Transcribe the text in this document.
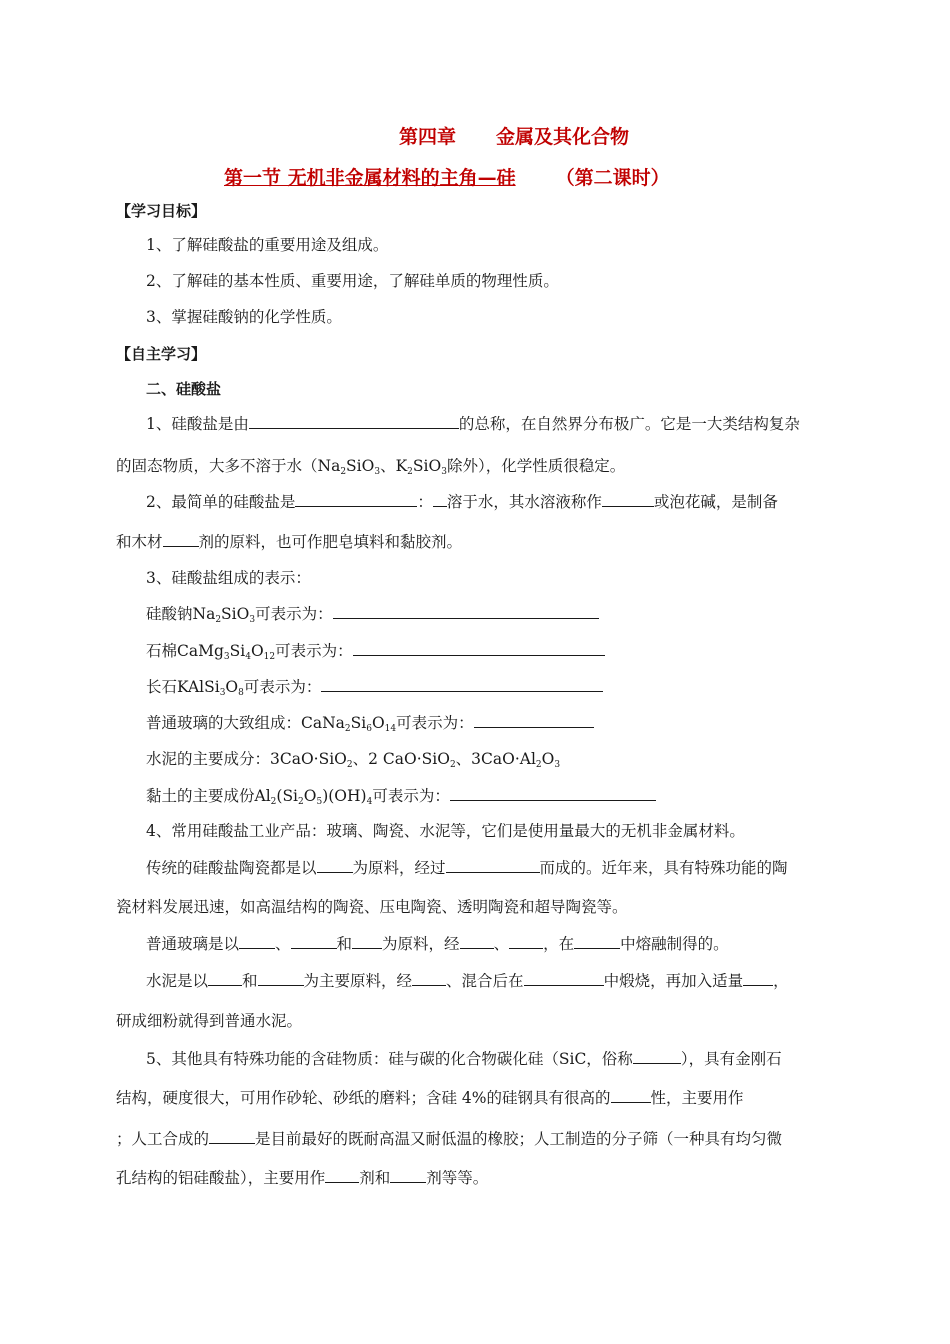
第四章 金属及其化合物
第一节 无机非金属材料的主角—硅 （第二课时）
【学习目标】
1、了解硅酸盐的重要用途及组成。
2、了解硅的基本性质、重要用途，了解硅单质的物理性质。
3、掌握硅酸钠的化学性质。
【自主学习】
二、硅酸盐
1、硅酸盐是由	的总称，在自然界分布极广。它是一大类结构复杂
的固态物质，大多不溶于水（$Na_2SiO_3$、$K_2SiO_3$除外），化学性质很稳定。
2、最简单的硅酸盐是	： 溶于水，其水溶液称作	或泡花碱，是制备
和木材 剂的原料，也可作肥皂填料和黏胶剂。
3、硅酸盐组成的表示：
硅酸钠$Na_2SiO_3$可表示为：
石棉$CaMg_3Si_4O_{12}$可表示为：
长石$KAlSi_3O_8$可表示为：
普通玻璃的大致组成：$CaNa_2Si_6O_{14}$可表示为：
水泥的主要成分：3CaO·SiO$_2$、2 CaO·SiO$_2$、$3CaO\cdot Al_2O_3$
黏土的主要成份$Al_2(Si_2O_5)(OH)_4$可表示为：
4、常用硅酸盐工业产品：玻璃、陶瓷、水泥等，它们是使用量最大的无机非金属材料。
传统的硅酸盐陶瓷都是以 为原料，经过	而成的。近年来，具有特殊功能的陶
瓷材料发展迅速，如高温结构的陶瓷、压电陶瓷、透明陶瓷和超导陶瓷等。
普通玻璃是以 、	和 为原料，经 、 ，在	中熔融制得的。
水泥是以 和	为主要原料，经 、混合后在	中煅烧，再加入适量 ，
研成细粉就得到普通水泥。
5、其他具有特殊功能的含硅物质：硅与碳的化合物碳化硅（SiC，俗称	），具有金刚石
结构，硬度很大，可用作砂轮、砂纸的磨料；含硅 4%的硅钢具有很高的	性，主要用作
；人工合成的	是目前最好的既耐高温又耐低温的橡胶；人工制造的分子筛（一种具有均匀微
孔结构的铝硅酸盐），主要用作 剂和 剂等等。
